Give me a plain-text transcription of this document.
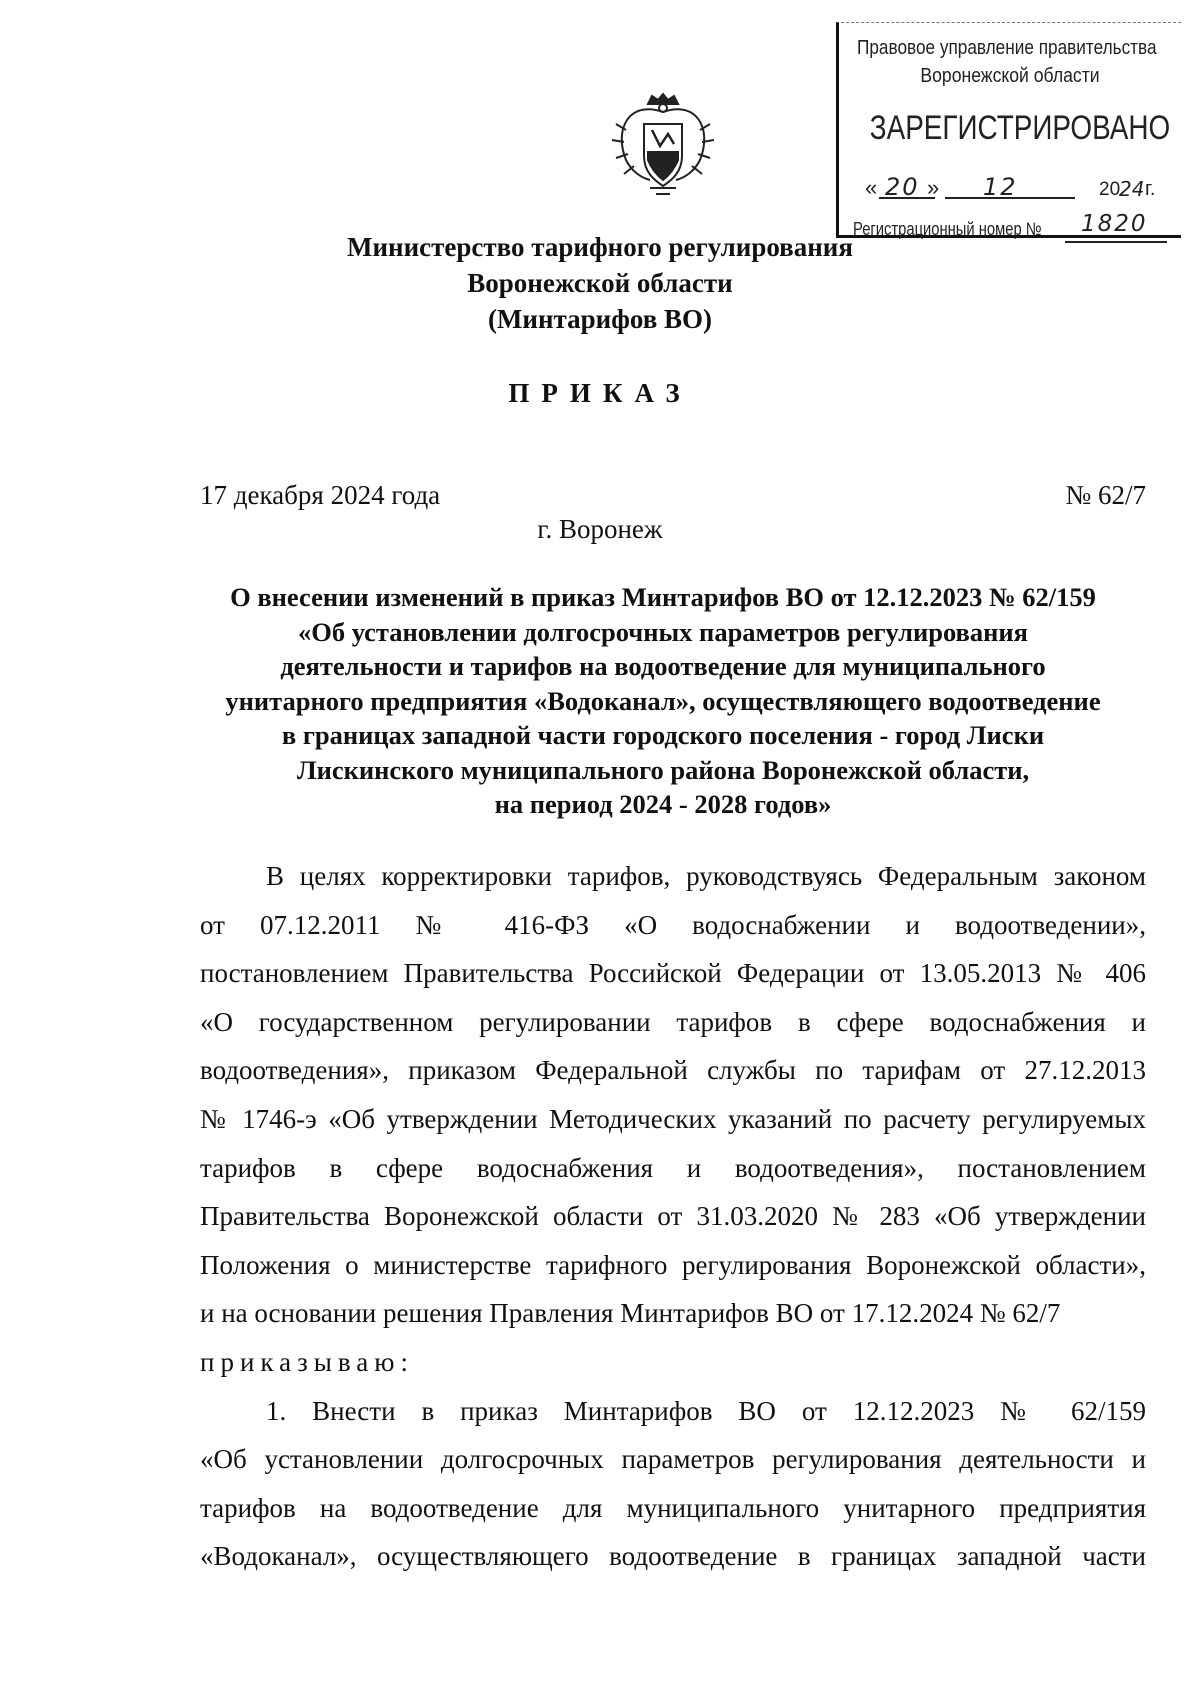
Правовое управление правительства
Воронежской области
ЗАРЕГИСТРИРОВАНО
« 20 » 12	20
24 г.
Регистрационный номер № 1820
Министерство тарифного регулирования
Воронежской области
(Минтарифов ВО)
ПРИКАЗ
17 декабря 2024 года	№ 62/7
г. Воронеж
О внесении изменений в приказ Минтарифов ВО от 12.12.2023 № 62/159
«Об установлении долгосрочных параметров регулирования
деятельности и тарифов на водоотведение для муниципального
унитарного предприятия «Водоканал», осуществляющего водоотведение
в границах западной части городского поселения - город Лиски
Лискинского муниципального района Воронежской области,
на период 2024 - 2028 годов»
В целях корректировки тарифов, руководствуясь Федеральным законом
от 07.12.2011 № 416-ФЗ «О водоснабжении и водоотведении»,
постановлением Правительства Российской Федерации от 13.05.2013 № 406
«О государственном регулировании тарифов в сфере водоснабжения и
водоотведения», приказом Федеральной службы по тарифам от 27.12.2013
№ 1746-э «Об утверждении Методических указаний по расчету регулируемых
тарифов в сфере водоснабжения и водоотведения», постановлением
Правительства Воронежской области от 31.03.2020 № 283 «Об утверждении
Положения о министерстве тарифного регулирования Воронежской области»,
и на основании решения Правления Минтарифов ВО от 17.12.2024 № 62/7
приказываю:
1. Внести в приказ Минтарифов ВО от 12.12.2023 № 62/159
«Об установлении долгосрочных параметров регулирования деятельности и
тарифов на водоотведение для муниципального унитарного предприятия
«Водоканал», осуществляющего водоотведение в границах западной части
